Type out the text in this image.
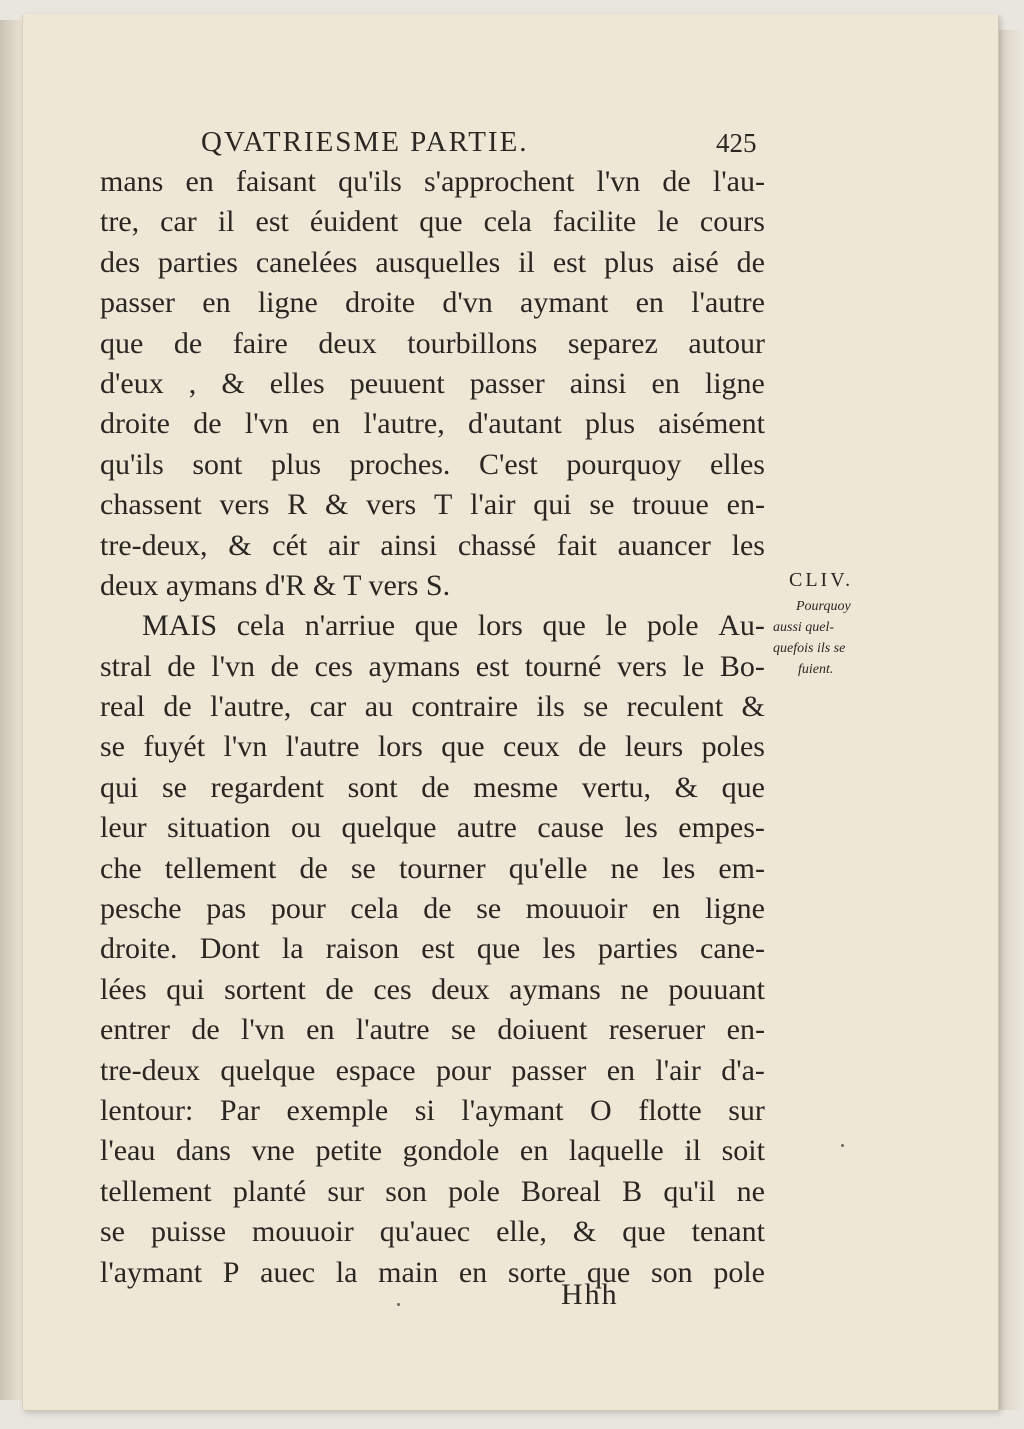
QVATRIESME PARTIE.	425
mans en faisant qu'ils s'approchent l'vn de l'au-
tre, car il est éuident que cela facilite le cours
des parties canelées ausquelles il est plus aisé de
passer en ligne droite d'vn aymant en l'autre
que de faire deux tourbillons separez autour
d'eux , & elles peuuent passer ainsi en ligne
droite de l'vn en l'autre, d'autant plus aisément
qu'ils sont plus proches. C'est pourquoy elles
chassent vers R & vers T l'air qui se trouue en-
tre-deux, & cét air ainsi chassé fait auancer les
deux aymans d'R & T vers S.
MAIS cela n'arriue que lors que le pole Au-
stral de l'vn de ces aymans est tourné vers le Bo-
real de l'autre, car au contraire ils se reculent &
se fuyét l'vn l'autre lors que ceux de leurs poles
qui se regardent sont de mesme vertu, & que
leur situation ou quelque autre cause les empes-
che tellement de se tourner qu'elle ne les em-
pesche pas pour cela de se mouuoir en ligne
droite. Dont la raison est que les parties cane-
lées qui sortent de ces deux aymans ne pouuant
entrer de l'vn en l'autre se doiuent reseruer en-
tre-deux quelque espace pour passer en l'air d'a-
lentour: Par exemple si l'aymant O flotte sur
l'eau dans vne petite gondole en laquelle il soit
tellement planté sur son pole Boreal B qu'il ne
se puisse mouuoir qu'auec elle, & que tenant
l'aymant P auec la main en sorte que son pole
CLIV.
Pourquoy
aussi quel-
quefois ils se
fuient.
Hhh
